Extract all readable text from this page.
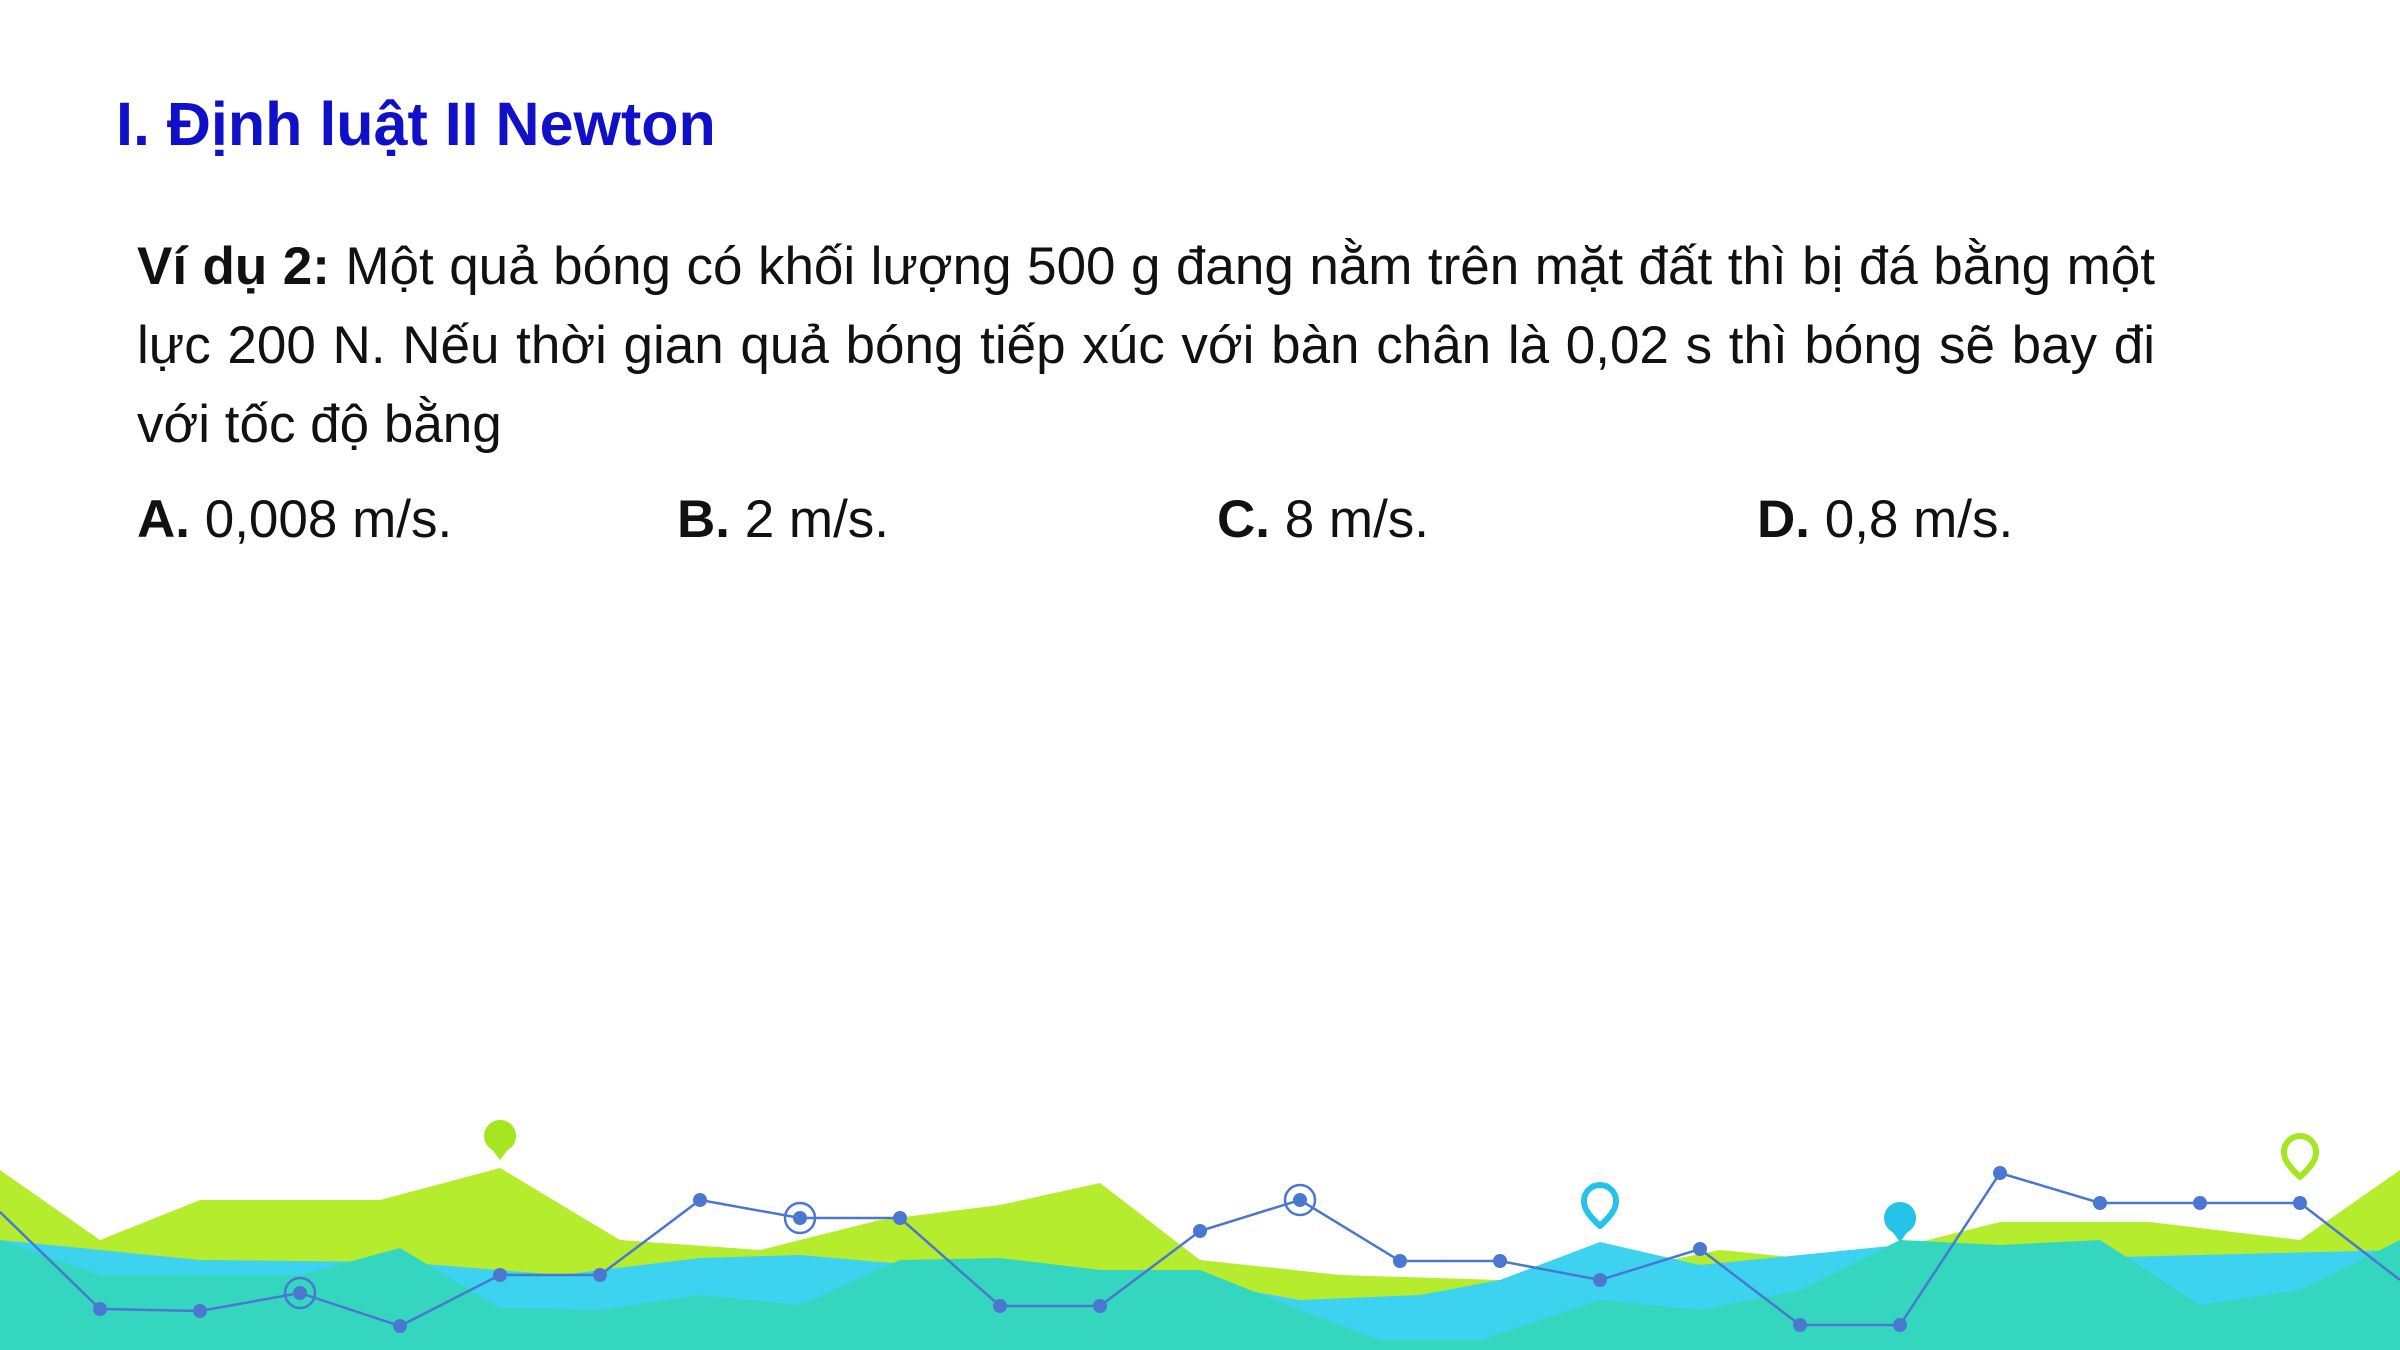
I. Định luật II Newton

Ví dụ 2: Một quả bóng có khối lượng 500 g đang nằm trên mặt đất thì bị đá bằng một lực 200 N. Nếu thời gian quả bóng tiếp xúc với bàn chân là 0,02 s thì bóng sẽ bay đi với tốc độ bằng

A. 0,008 m/s.	B. 2 m/s.	C. 8 m/s.	D. 0,8 m/s.
